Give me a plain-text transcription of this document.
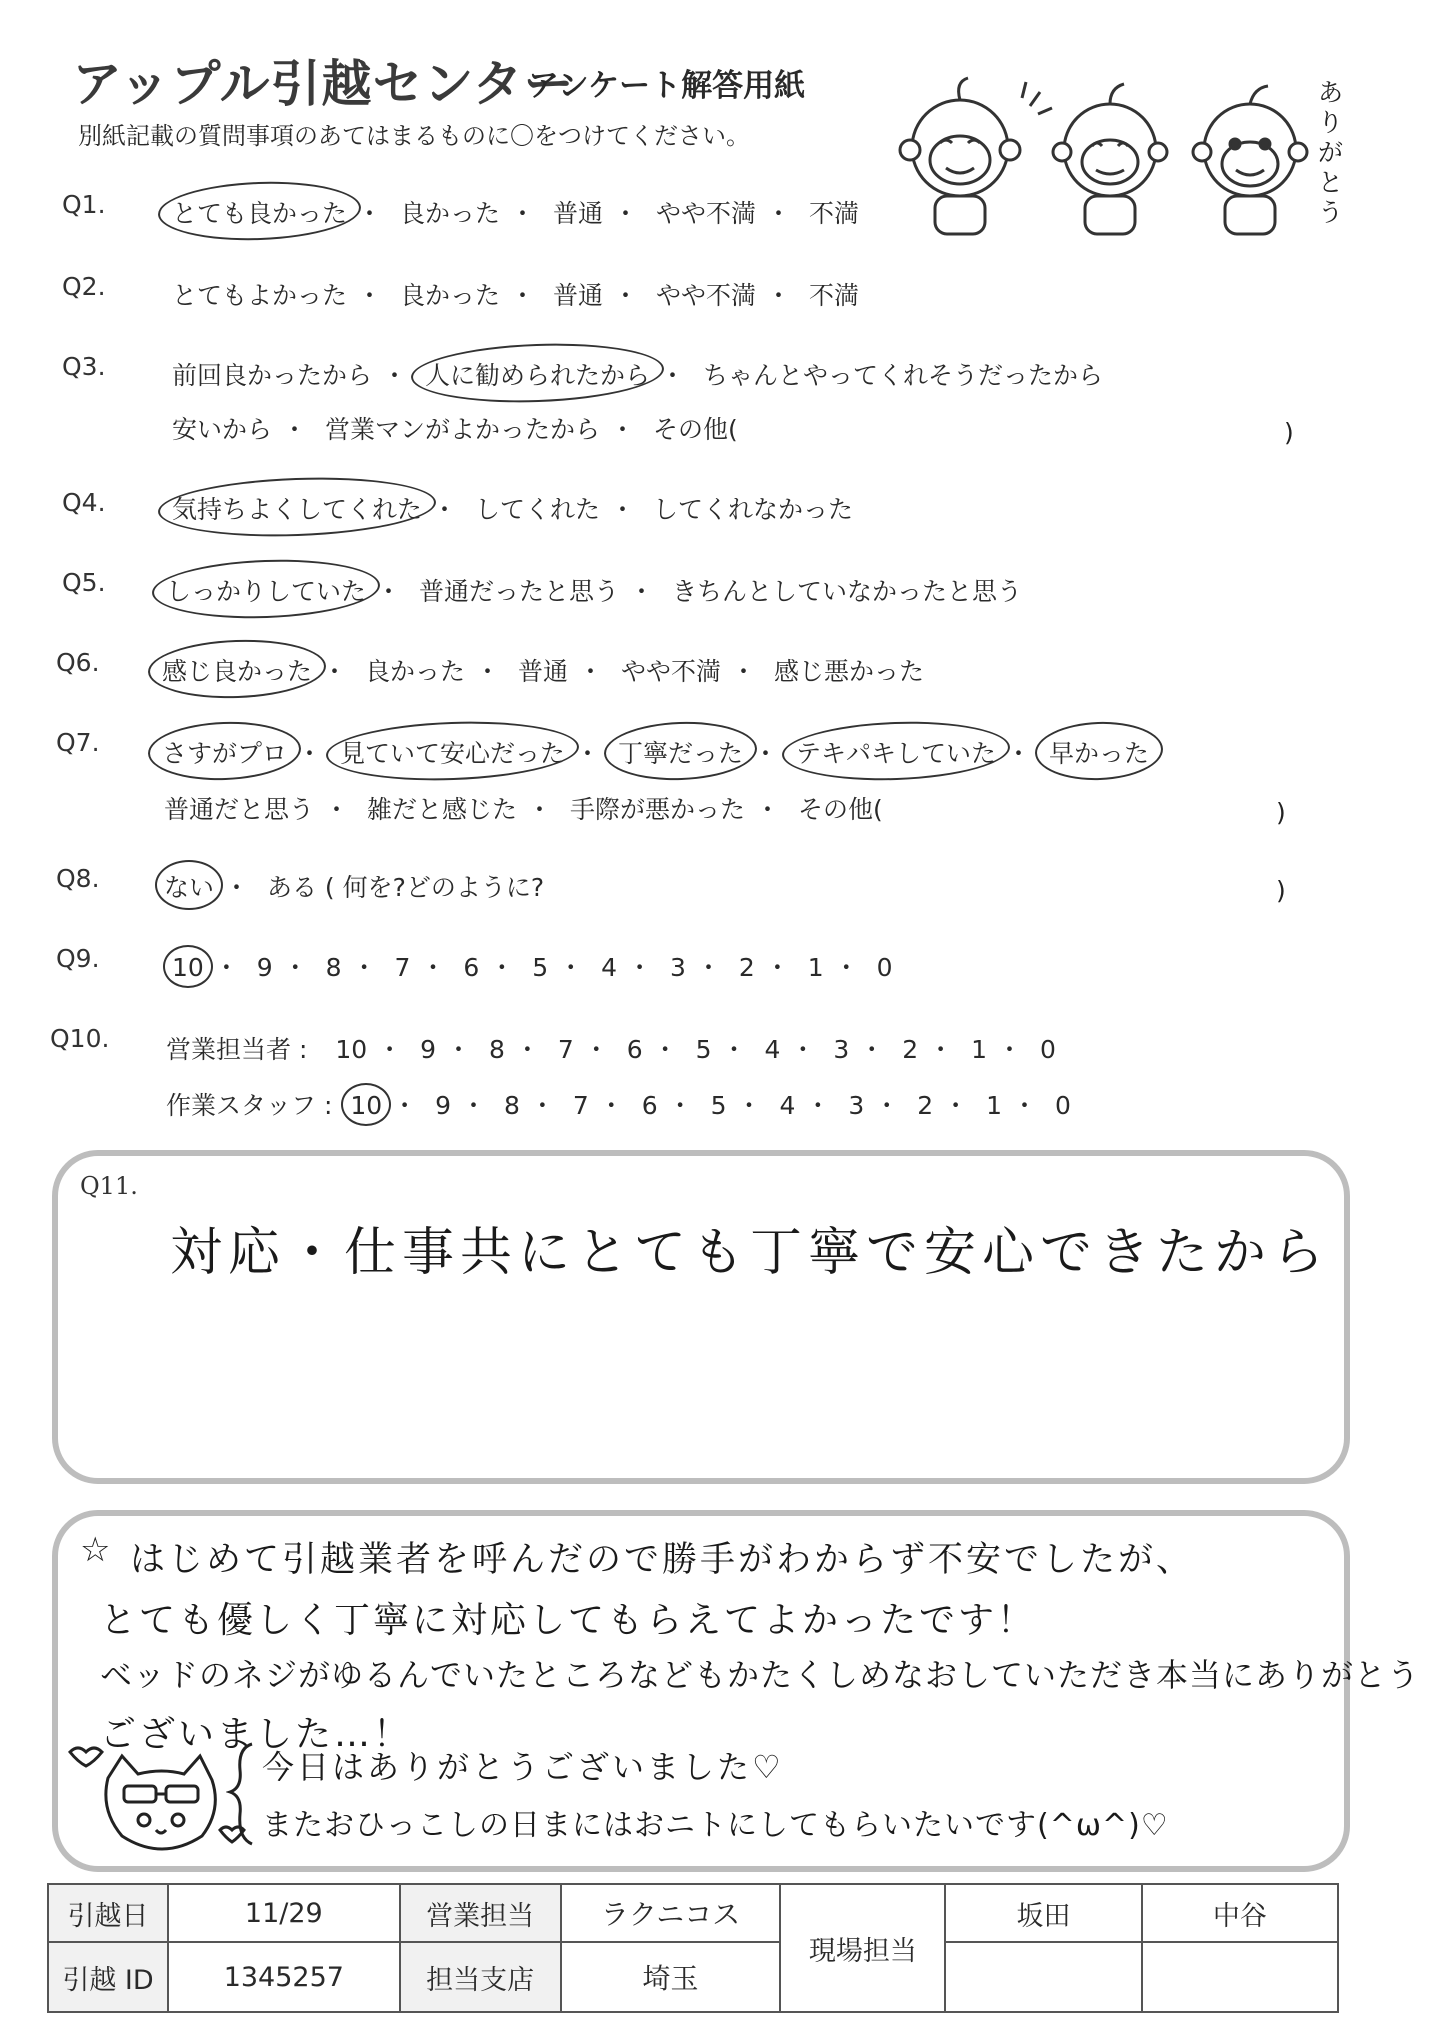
アップル引越センター
アンケート解答用紙
別紙記載の質問事項のあてはまるものに〇をつけてください。
ありがとう
Q1.	とても良かった ・ 良かった ・ 普通 ・ やや不満 ・ 不満
Q2.	とてもよかった ・ 良かった ・ 普通 ・ やや不満 ・ 不満
Q3.	前回良かったから ・ 人に勧められたから ・ ちゃんとやってくれそうだったから
安いから ・ 営業マンがよかったから ・ その他(	)
Q4.	気持ちよくしてくれた ・ してくれた ・ してくれなかった
Q5. しっかりしていた ・ 普通だったと思う ・ きちんとしていなかったと思う
Q6. 感じ良かった ・ 良かった ・ 普通 ・ やや不満 ・ 感じ悪かった
Q7. さすがプロ ・ 見ていて安心だった ・ 丁寧だった ・ テキパキしていた ・ 早かった
普通だと思う ・ 雑だと感じた ・ 手際が悪かった ・ その他(	)
Q8.	ない ・ ある ( 何を?どのように?	)
Q9.	10 ・ 9 ・ 8 ・ 7 ・ 6 ・ 5 ・ 4 ・ 3 ・ 2 ・ 1 ・ 0
Q10. 営業担当者 : 10 ・ 9 ・ 8 ・ 7 ・ 6 ・ 5 ・ 4 ・ 3 ・ 2 ・ 1 ・ 0
作業スタッフ : 10 ・ 9 ・ 8 ・ 7 ・ 6 ・ 5 ・ 4 ・ 3 ・ 2 ・ 1 ・ 0
Q11.
対応・仕事共にとても丁寧で安心できたから
☆ はじめて引越業者を呼んだので勝手がわからず不安でしたが、
とても優しく丁寧に対応してもらえてよかったです！
ベッドのネジがゆるんでいたところなどもかたくしめなおしていただき本当にありがとう
ございました…！
今日はありがとうございました♡
またおひっこしの日まにはおニトにしてもらいたいです(^ω^)♡
引越日	11/29	営業担当	ラクニコス	現場担当	坂田	中谷
引越 ID	1345257	担当支店	埼玉			
